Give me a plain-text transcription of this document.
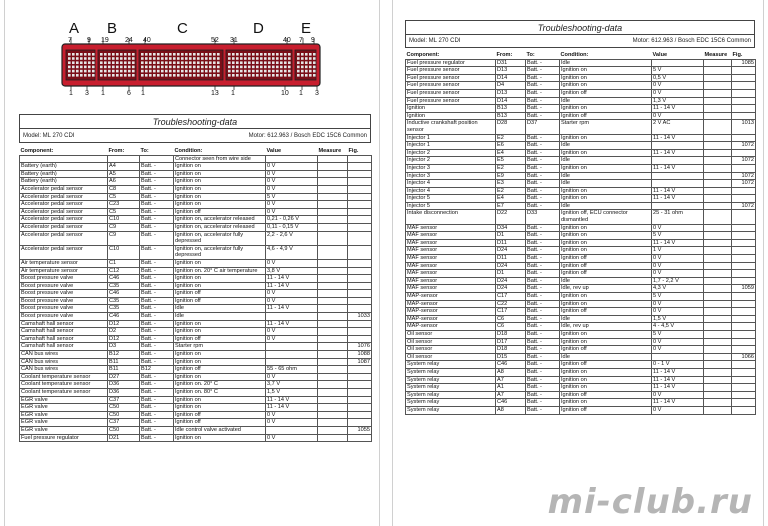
A B	C	D E
7 9 19 24 40	52 31	40 7 9
1 3 1	6 1	13 1	10 1 3
Troubleshooting-data
Model: ML 270 CDI	Motor: 612.963 / Bosch EDC 15C6 Common
Component:	From:	To:	Condition:	Value	Measure	Fig.
			Connector seen from wire side			
Battery (earth)	A4	Batt. -	Ignition on	0 V		
Battery (earth)	A5	Batt. -	Ignition on	0 V		
Battery (earth)	A6	Batt. -	Ignition on	0 V		
Accelerator pedal sensor	C8	Batt. -	Ignition on	0 V		
Accelerator pedal sensor	C5	Batt. -	Ignition on	5 V		
Accelerator pedal sensor	C23	Batt. -	Ignition on	0 V		
Accelerator pedal sensor	C5	Batt. -	Ignition off	0 V		
Accelerator pedal sensor	C10	Batt. -	Ignition on, accelerator released	0,21 - 0,26 V		
Accelerator pedal sensor	C9	Batt. -	Ignition on, accelerator released	0,11 - 0,15 V		
Accelerator pedal sensor	C9	Batt. -	Ignition on, accelerator fully depressed	2,2 - 2,6 V		
Accelerator pedal sensor	C10	Batt. -	Ignition on, accelerator fully depressed	4,6 - 4,9 V		
Air temperature sensor	C1	Batt. -	Ignition on	0 V		
Air temperature sensor	C12	Batt. -	Ignition on. 20° C air temperature	3,8 V		
Boost pressure valve	C46	Batt. -	Ignition on	11 - 14 V		
Boost pressure valve	C35	Batt. -	Ignition on	11 - 14 V		
Boost pressure valve	C46	Batt. -	Ignition off	0 V		
Boost pressure valve	C35	Batt. -	Ignition off	0 V		
Boost pressure valve	C35	Batt. -	Idle	11 - 14 V		
Boost pressure valve	C46	Batt. -	Idle			1033
Camshaft hall sensor	D12	Batt. -	Ignition on	11 - 14 V		
Camshaft hall sensor	D2	Batt. -	Ignition on	0 V		
Camshaft hall sensor	D12	Batt. -	Ignition off	0 V		
Camshaft hall sensor	D3	Batt. -	Starter rpm			1076
CAN bus wires	B12	Batt. -	Ignition on			1088
CAN bus wires	B11	Batt. -	Ignition on			1087
CAN bus wires	B11	B12	Ignition off	55 - 65 ohm		
Coolant temperature sensor	D27	Batt. -	Ignition on	0 V		
Coolant temperature sensor	D36	Batt. -	Ignition on. 20° C	3,7 V		
Coolant temperature sensor	D36	Batt. -	Ignition on. 80° C	1,5 V		
EGR valve	C37	Batt. -	Ignition on	11 - 14 V		
EGR valve	C50	Batt. -	Ignition on	11 - 14 V		
EGR valve	C50	Batt. -	Ignition off	0 V		
EGR valve	C37	Batt. -	Ignition off	0 V		
EGR valve	C50	Batt. -	Idle control valve activated			1055
Fuel pressure regulator	D21	Batt. -	Ignition on	0 V		
Troubleshooting-data
Model: ML 270 CDI	Motor: 612.963 / Bosch EDC 15C6 Common
Component:	From:	To:	Condition:	Value	Measure	Fig.
Fuel pressure regulator	D31	Batt. -	Idle			1085
Fuel pressure sensor	D13	Batt. -	Ignition on	5 V		
Fuel pressure sensor	D14	Batt. -	Ignition on	0,5 V		
Fuel pressure sensor	D4	Batt. -	Ignition on	0 V		
Fuel pressure sensor	D13	Batt. -	Ignition off	0 V		
Fuel pressure sensor	D14	Batt. -	Idle	1,3 V		
Ignition	B13	Batt. -	Ignition on	11 - 14 V		
Ignition	B13	Batt. -	Ignition off	0 V		
Inductive crankshaft position sensor	D28	D37	Starter rpm	2 V AC		1013
Injector 1	E2	Batt. -	Ignition on	11 - 14 V		
Injector 1	E6	Batt. -	Idle			1072
Injector 2	E4	Batt. -	Ignition on	11 - 14 V		
Injector 2	E5	Batt. -	Idle			1072
Injector 3	E2	Batt. -	Ignition on	11 - 14 V		
Injector 3	E9	Batt. -	Idle			1072
Injector 4	E3	Batt. -	Idle			1072
Injector 4	E2	Batt. -	Ignition on	11 - 14 V		
Injector 5	E4	Batt. -	Ignition on	11 - 14 V		
Injector 5	E7	Batt. -	Idle			1072
Intake disconnection	D22	D33	Ignition off, ECU connector dismantled	25 - 31 ohm		
MAF sensor	D34	Batt. -	Ignition on	0 V		
MAF sensor	D1	Batt. -	Ignition on	5 V		
MAF sensor	D11	Batt. -	Ignition on	11 - 14 V		
MAF sensor	D24	Batt. -	Ignition on	1 V		
MAF sensor	D11	Batt. -	Ignition off	0 V		
MAF sensor	D24	Batt. -	Ignition off	0 V		
MAF sensor	D1	Batt. -	Ignition off	0 V		
MAF sensor	D24	Batt. -	Idle	1,7 - 2,2 V		
MAF sensor	D24	Batt. -	Idle, rev up	4,3 V		1059
MAP-sensor	C17	Batt. -	Ignition on	5 V		
MAP-sensor	C22	Batt. -	Ignition on	0 V		
MAP-sensor	C17	Batt. -	Ignition off	0 V		
MAP-sensor	C6	Batt. -	Idle	1,5 V		
MAP-sensor	C6	Batt. -	Idle, rev up	4 - 4,5 V		
Oil sensor	D18	Batt. -	Ignition on	5 V		
Oil sensor	D17	Batt. -	Ignition on	0 V		
Oil sensor	D18	Batt. -	Ignition off	0 V		
Oil sensor	D15	Batt. -	Idle			1066
System relay	C46	Batt. -	Ignition off	0 - 1 V		
System relay	A8	Batt. -	Ignition on	11 - 14 V		
System relay	A7	Batt. -	Ignition on	11 - 14 V		
System relay	A1	Batt. -	Ignition on	11 - 14 V		
System relay	A7	Batt. -	Ignition off	0 V		
System relay	C46	Batt. -	Ignition on	11 - 14 V		
System relay	A8	Batt. -	Ignition off	0 V		
mi-club.ru
